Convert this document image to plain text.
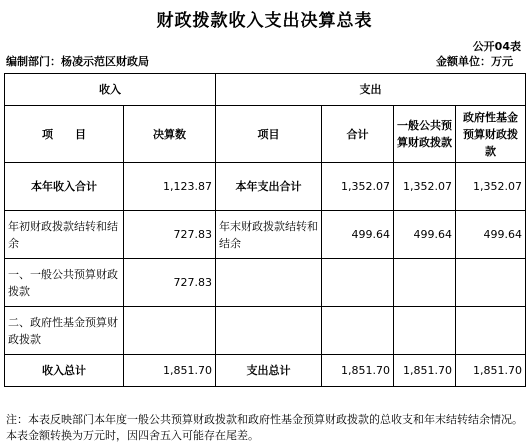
财政拨款收入支出决算总表
公开04表
编制部门：杨凌示范区财政局	金额单位：万元
收入		支出			
项　　目	决算数	项目	合计	一般公共预算财政拨款	政府性基金预算财政拨款
本年收入合计	1,123.87	本年支出合计	1,352.07	1,352.07	1,352.07
年初财政拨款结转和结余	727.83	年末财政拨款结转和结余	499.64	499.64	499.64
一、一般公共预算财政拨款	727.83				
二、政府性基金预算财政拨款					
收入总计	1,851.70	支出总计	1,851.70	1,851.70	1,851.70
注：本表反映部门本年度一般公共预算财政拨款和政府性基金预算财政拨款的总收支和年末结转结余情况。本表金额转换为万元时，因四舍五入可能存在尾差。
